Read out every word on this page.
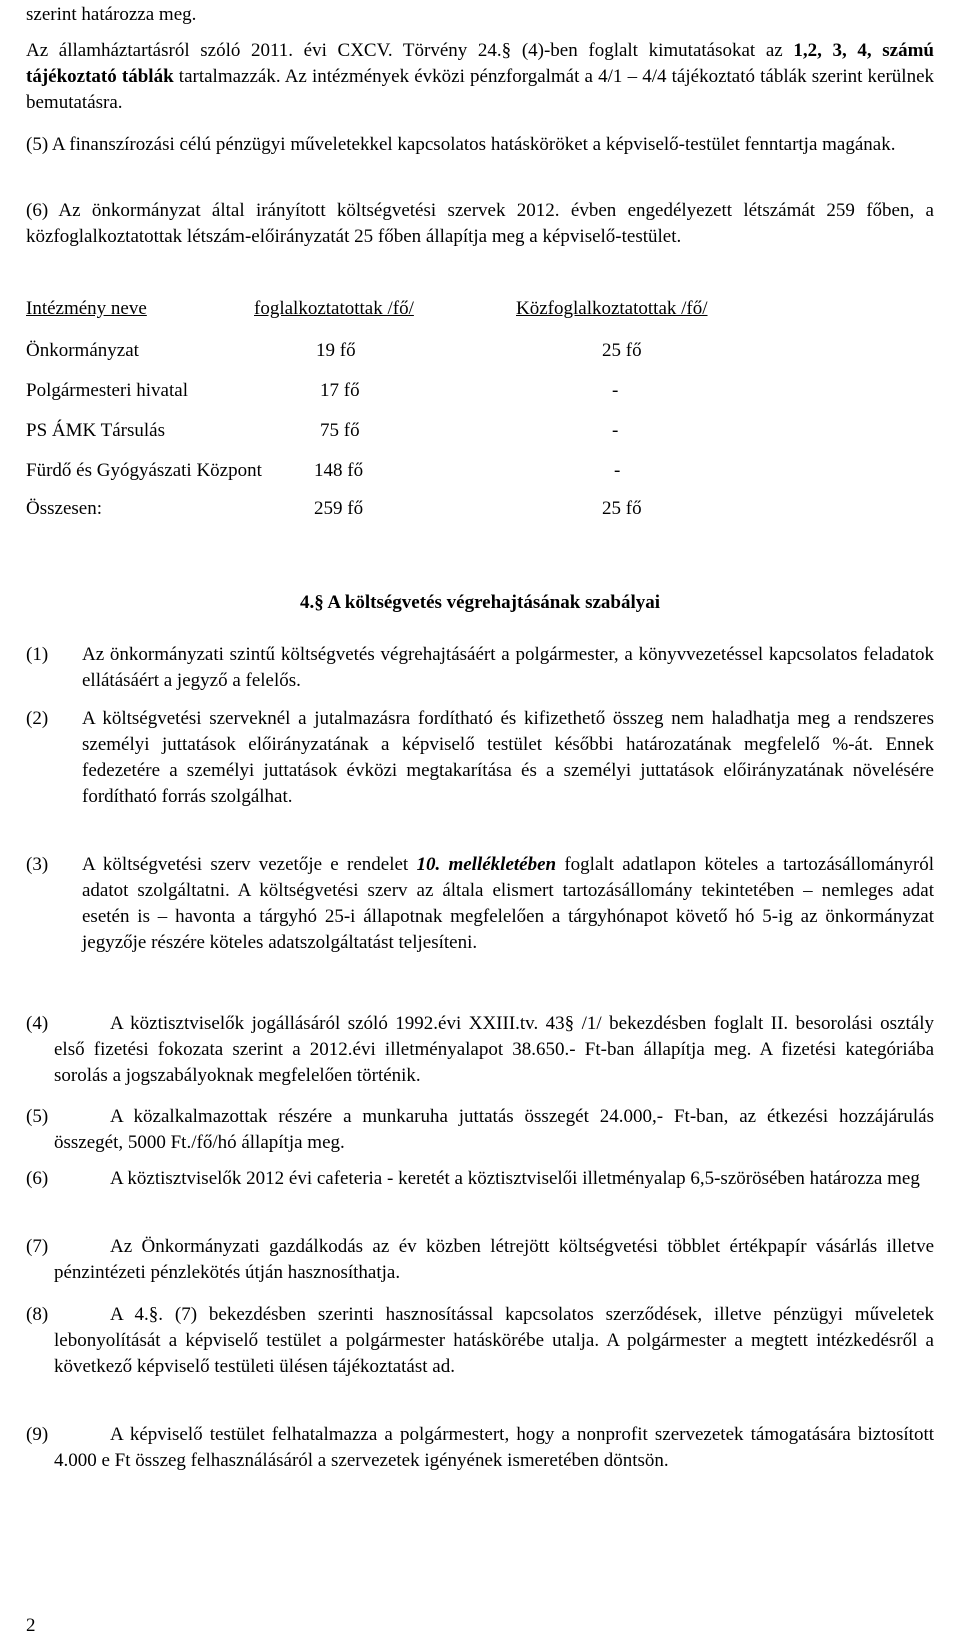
szerint határozza meg.

Az államháztartásról szóló 2011. évi CXCV. Törvény 24.§ (4)-ben foglalt kimutatásokat az 1,2, 3, 4, számú tájékoztató táblák tartalmazzák. Az intézmények évközi pénzforgalmát a 4/1 – 4/4 tájékoztató táblák szerint kerülnek bemutatásra.

(5) A finanszírozási célú pénzügyi műveletekkel kapcsolatos hatásköröket a képviselő-testület fenntartja magának.

(6) Az önkormányzat által irányított költségvetési szervek 2012. évben engedélyezett létszámát 259 főben, a közfoglalkoztatottak létszám-előirányzatát 25 főben állapítja meg a képviselő-testület.

Intézmény neve	foglalkoztatottak /fő/	Közfoglalkoztatottak /fő/
Önkormányzat	19 fő	25 fő
Polgármesteri hivatal	17 fő	-
PS ÁMK Társulás	75 fő	-
Fürdő és Gyógyászati Központ	148 fő	-
Összesen:	259 fő	25 fő
4.§ A költségvetés végrehajtásának szabályai
(1) Az önkormányzati szintű költségvetés végrehajtásáért a polgármester, a könyvvezetéssel kapcsolatos feladatok ellátásáért a jegyző a felelős.

(2) A költségvetési szerveknél a jutalmazásra fordítható és kifizethető összeg nem haladhatja meg a rendszeres személyi juttatások előirányzatának a képviselő testület későbbi határozatának megfelelő %-át. Ennek fedezetére a személyi juttatások évközi megtakarítása és a személyi juttatások előirányzatának növelésére fordítható forrás szolgálhat.

(3) A költségvetési szerv vezetője e rendelet 10. mellékletében foglalt adatlapon köteles a tartozásállományról adatot szolgáltatni. A költségvetési szerv az általa elismert tartozásállomány tekintetében – nemleges adat esetén is – havonta a tárgyhó 25-i állapotnak megfelelően a tárgyhónapot követő hó 5-ig az önkormányzat jegyzője részére köteles adatszolgáltatást teljesíteni.

(4)	A köztisztviselők jogállásáról szóló 1992.évi XXIII.tv. 43§ /1/ bekezdésben foglalt II. besorolási osztály első fizetési fokozata szerint a 2012.évi illetményalapot 38.650.- Ft-ban állapítja meg. A fizetési kategóriába sorolás a jogszabályoknak megfelelően történik.

(5)	A közalkalmazottak részére a munkaruha juttatás összegét 24.000,- Ft-ban, az étkezési hozzájárulás összegét, 5000 Ft./fő/hó állapítja meg.

(6)	A köztisztviselők 2012 évi cafeteria - keretét a köztisztviselői illetményalap 6,5-szörösében határozza meg

(7)	Az Önkormányzati gazdálkodás az év közben létrejött költségvetési többlet értékpapír vásárlás illetve pénzintézeti pénzlekötés útján hasznosíthatja.

(8)	A 4.§. (7) bekezdésben szerinti hasznosítással kapcsolatos szerződések, illetve pénzügyi műveletek lebonyolítását a képviselő testület a polgármester hatáskörébe utalja. A polgármester a megtett intézkedésről a következő képviselő testületi ülésen tájékoztatást ad.

(9)	A képviselő testület felhatalmazza a polgármestert, hogy a nonprofit szervezetek támogatására biztosított 4.000 e Ft összeg felhasználásáról a szervezetek igényének ismeretében döntsön.

2
